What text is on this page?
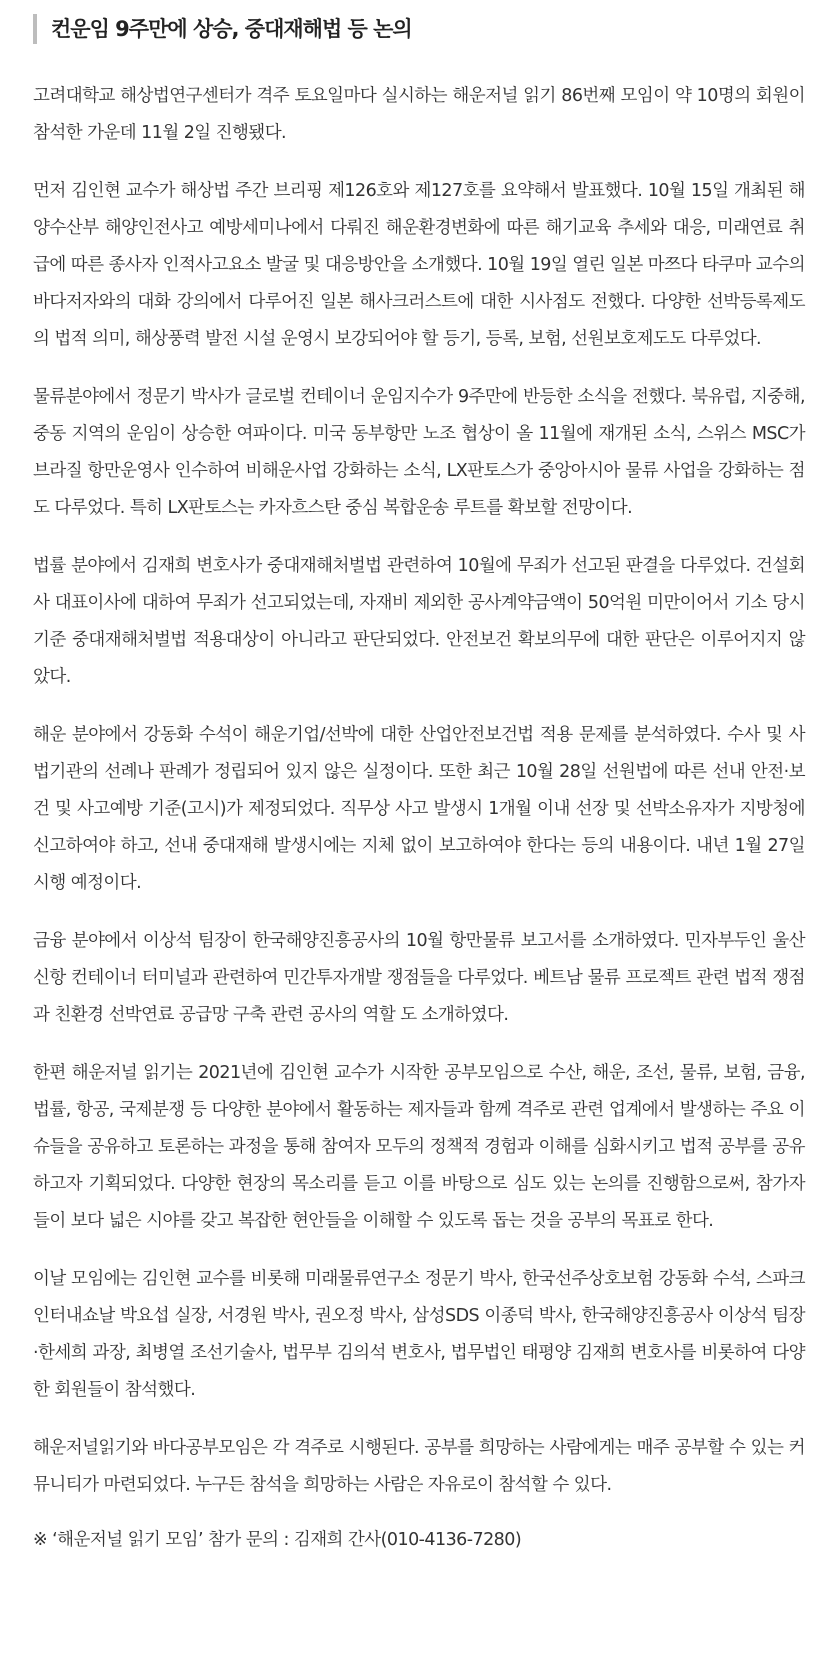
컨운임 9주만에 상승, 중대재해법 등 논의

고려대학교 해상법연구센터가 격주 토요일마다 실시하는 해운저널 읽기 86번째 모임이 약 10명의 회원이 참석한 가운데 11월 2일 진행됐다.

먼저 김인현 교수가 해상법 주간 브리핑 제126호와 제127호를 요약해서 발표했다. 10월 15일 개최된 해양수산부 해양인전사고 예방세미나에서 다뤄진 해운환경변화에 따른 해기교육 추세와 대응, 미래연료 취급에 따른 종사자 인적사고요소 발굴 및 대응방안을 소개했다. 10월 19일 열린 일본 마쯔다 타쿠마 교수의 바다저자와의 대화 강의에서 다루어진 일본 해사크러스트에 대한 시사점도 전했다. 다양한 선박등록제도의 법적 의미, 해상풍력 발전 시설 운영시 보강되어야 할 등기, 등록, 보험, 선원보호제도도 다루었다.

물류분야에서 정문기 박사가 글로벌 컨테이너 운임지수가 9주만에 반등한 소식을 전했다. 북유럽, 지중해, 중동 지역의 운임이 상승한 여파이다. 미국 동부항만 노조 협상이 올 11월에 재개된 소식, 스위스 MSC가 브라질 항만운영사 인수하여 비해운사업 강화하는 소식, LX판토스가 중앙아시아 물류 사업을 강화하는 점도 다루었다. 특히 LX판토스는 카자흐스탄 중심 복합운송 루트를 확보할 전망이다.

법률 분야에서 김재희 변호사가 중대재해처벌법 관련하여 10월에 무죄가 선고된 판결을 다루었다. 건설회사 대표이사에 대하여 무죄가 선고되었는데, 자재비 제외한 공사계약금액이 50억원 미만이어서 기소 당시 기준 중대재해처벌법 적용대상이 아니라고 판단되었다. 안전보건 확보의무에 대한 판단은 이루어지지 않았다.

해운 분야에서 강동화 수석이 해운기업/선박에 대한 산업안전보건법 적용 문제를 분석하였다. 수사 및 사법기관의 선례나 판례가 정립되어 있지 않은 실정이다. 또한 최근 10월 28일 선원법에 따른 선내 안전·보건 및 사고예방 기준(고시)가 제정되었다. 직무상 사고 발생시 1개월 이내 선장 및 선박소유자가 지방청에 신고하여야 하고, 선내 중대재해 발생시에는 지체 없이 보고하여야 한다는 등의 내용이다. 내년 1월 27일 시행 예정이다.

금융 분야에서 이상석 팀장이 한국해양진흥공사의 10월 항만물류 보고서를 소개하였다. 민자부두인 울산신항 컨테이너 터미널과 관련하여 민간투자개발 쟁점들을 다루었다. 베트남 물류 프로젝트 관련 법적 쟁점과 친환경 선박연료 공급망 구축 관련 공사의 역할 도 소개하였다.

한편 해운저널 읽기는 2021년에 김인현 교수가 시작한 공부모임으로 수산, 해운, 조선, 물류, 보험, 금융, 법률, 항공, 국제분쟁 등 다양한 분야에서 활동하는 제자들과 함께 격주로 관련 업계에서 발생하는 주요 이슈들을 공유하고 토론하는 과정을 통해 참여자 모두의 정책적 경험과 이해를 심화시키고 법적 공부를 공유하고자 기획되었다. 다양한 현장의 목소리를 듣고 이를 바탕으로 심도 있는 논의를 진행함으로써, 참가자들이 보다 넓은 시야를 갖고 복잡한 현안들을 이해할 수 있도록 돕는 것을 공부의 목표로 한다.

이날 모임에는 김인현 교수를 비롯해 미래물류연구소 정문기 박사, 한국선주상호보험 강동화 수석, 스파크인터내쇼날 박요섭 실장, 서경원 박사, 권오정 박사, 삼성SDS 이종덕 박사, 한국해양진흥공사 이상석 팀장·한세희 과장, 최병열 조선기술사, 법무부 김의석 변호사, 법무법인 태평양 김재희 변호사를 비롯하여 다양한 회원들이 참석했다.

해운저널읽기와 바다공부모임은 각 격주로 시행된다. 공부를 희망하는 사람에게는 매주 공부할 수 있는 커뮤니티가 마련되었다. 누구든 참석을 희망하는 사람은 자유로이 참석할 수 있다.

※ ‘해운저널 읽기 모임’ 참가 문의 : 김재희 간사(010-4136-7280)
